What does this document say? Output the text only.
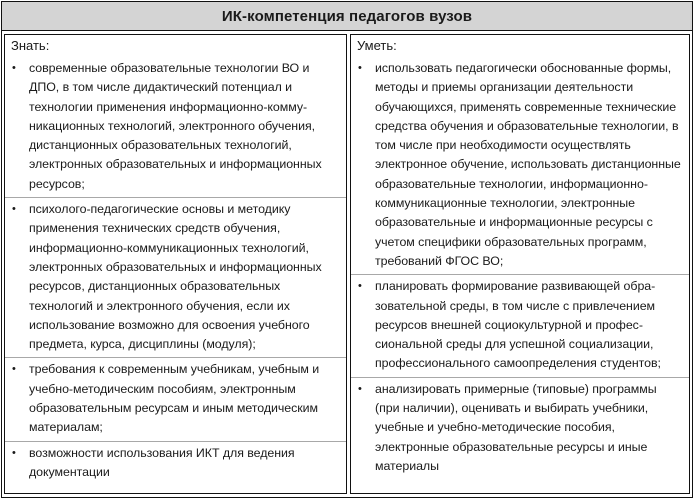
ИК-компетенция педагогов вузов
Знать:
• современные образовательные технологии ВО и ДПО, в том числе дидактический потенциал и технологии применения информационно-коммуникационных технологий, электронного обучения, дистанционных образовательных технологий, электронных образовательных и информационных ресурсов;
• психолого-педагогические основы и методику применения технических средств обучения, информационно-коммуникационных технологий, электронных образовательных и информационных ресурсов, дистанционных образовательных технологий и электронного обучения, если их использование возможно для освоения учебного предмета, курса, дисциплины (модуля);
• требования к современным учебникам, учебным и учебно-методическим пособиям, электронным образовательным ресурсам и иным методическим материалам;
• возможности использования ИКТ для ведения документации
Уметь:
• использовать педагогически обоснованные формы, методы и приемы организации деятельности обучающихся, применять современные технические средства обучения и образовательные технологии, в том числе при необходимости осуществлять электронное обучение, использовать дистанционные образовательные технологии, информационно-коммуникационные технологии, электронные образовательные и информационные ресурсы с учетом специфики образовательных программ, требований ФГОС ВО;
• планировать формирование развивающей образовательной среды, в том числе с привлечением ресурсов внешней социокультурной и профессиональной среды для успешной социализации, профессионального самоопределения студентов;
• анализировать примерные (типовые) программы (при наличии), оценивать и выбирать учебники, учебные и учебно-методические пособия, электронные образовательные ресурсы и иные материалы
